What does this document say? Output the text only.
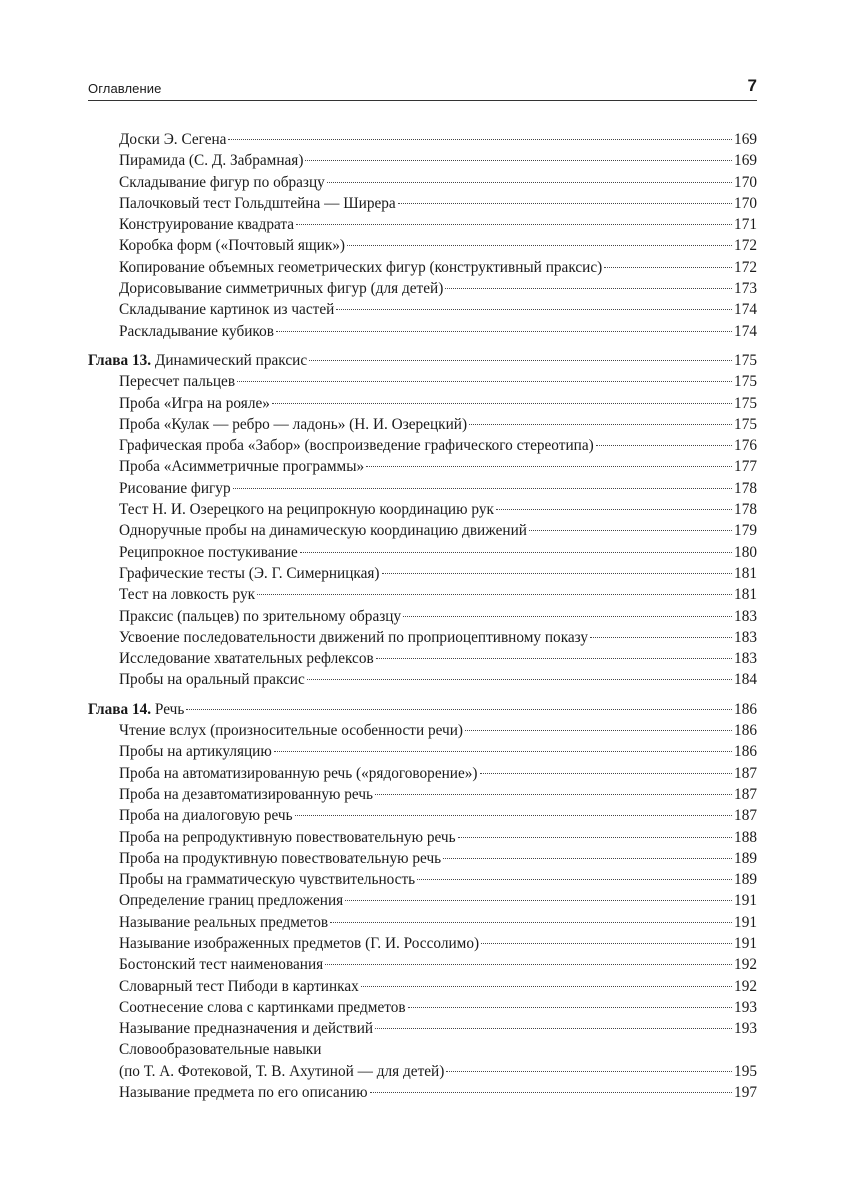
Оглавление	7
Доски Э. Сегена	169
Пирамида (С. Д. Забрамная)	169
Складывание фигур по образцу	170
Палочковый тест Гольдштейна — Ширера	170
Конструирование квадрата	171
Коробка форм («Почтовый ящик»)	172
Копирование объемных геометрических фигур (конструктивный праксис)	172
Дорисовывание симметричных фигур (для детей)	173
Складывание картинок из частей	174
Раскладывание кубиков	174
Глава 13. Динамический праксис	175
Пересчет пальцев	175
Проба «Игра на рояле»	175
Проба «Кулак — ребро — ладонь» (Н. И. Озерецкий)	175
Графическая проба «Забор» (воспроизведение графического стереотипа)	176
Проба «Асимметричные программы»	177
Рисование фигур	178
Тест Н. И. Озерецкого на реципрокную координацию рук	178
Одноручные пробы на динамическую координацию движений	179
Реципрокное постукивание	180
Графические тесты (Э. Г. Симерницкая)	181
Тест на ловкость рук	181
Праксис (пальцев) по зрительному образцу	183
Усвоение последовательности движений по проприоцептивному показу	183
Исследование хватательных рефлексов	183
Пробы на оральный праксис	184
Глава 14. Речь	186
Чтение вслух (произносительные особенности речи)	186
Пробы на артикуляцию	186
Проба на автоматизированную речь («рядоговорение»)	187
Проба на дезавтоматизированную речь	187
Проба на диалоговую речь	187
Проба на репродуктивную повествовательную речь	188
Проба на продуктивную повествовательную речь	189
Пробы на грамматическую чувствительность	189
Определение границ предложения	191
Называние реальных предметов	191
Называние изображенных предметов (Г. И. Россолимо)	191
Бостонский тест наименования	192
Словарный тест Пибоди в картинках	192
Соотнесение слова с картинками предметов	193
Называние предназначения и действий	193
Словообразовательные навыки
(по Т. А. Фотековой, Т. В. Ахутиной — для детей)	195
Называние предмета по его описанию	197
